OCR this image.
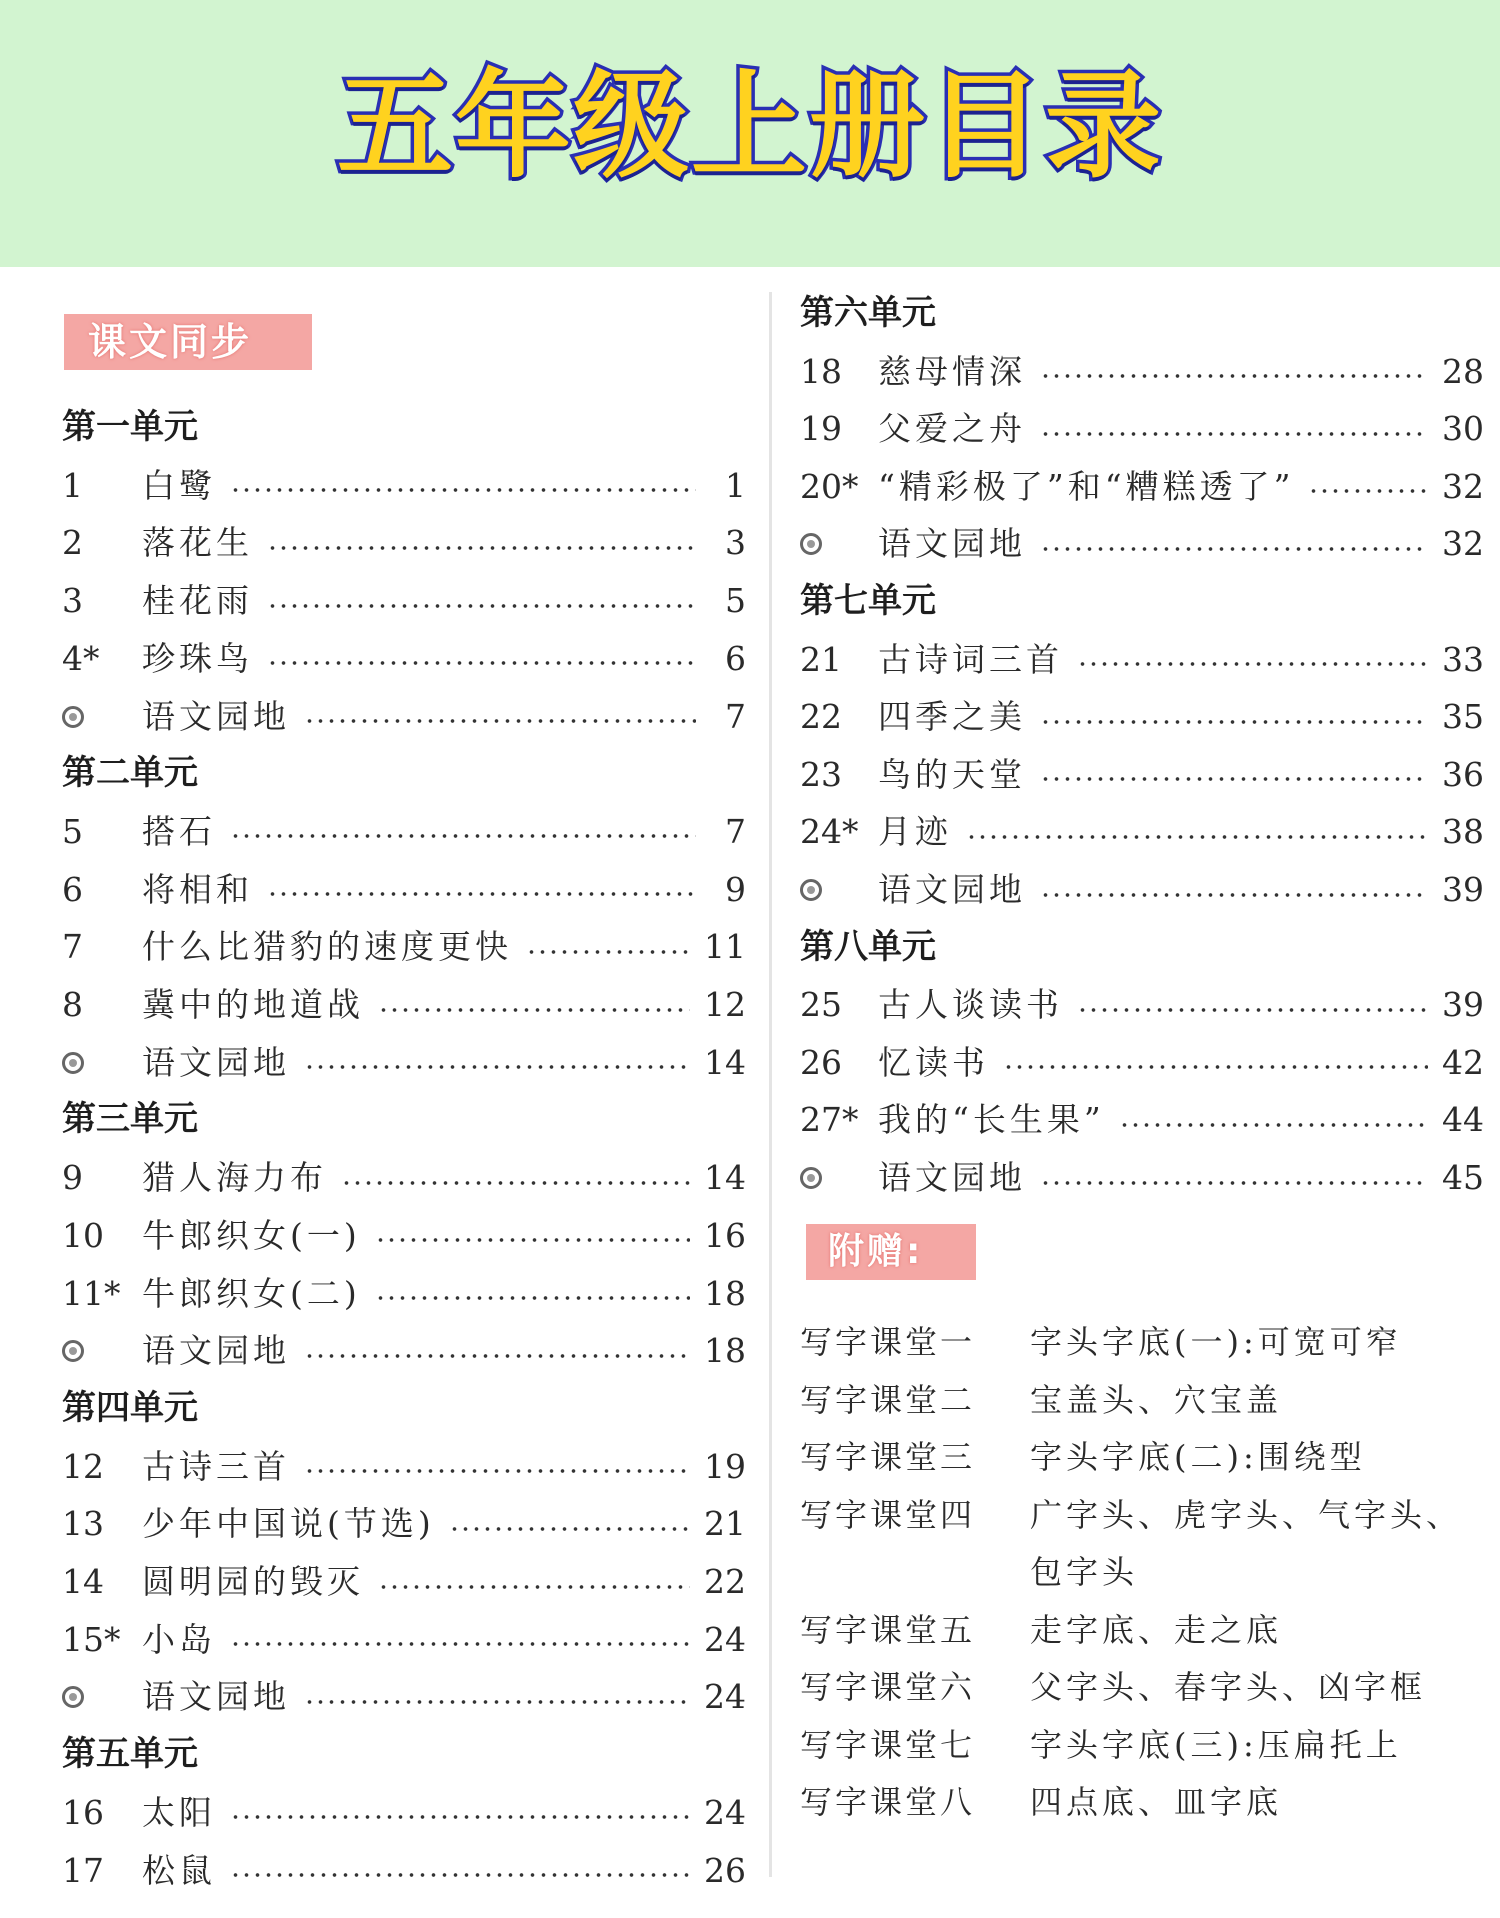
五年级上册目录
课文同步
第一单元
1	白鹭	1
2	落花生	3
3	桂花雨	5
4*	珍珠鸟	6
语文园地	7
第二单元
5	搭石	7
6	将相和	9
7	什么比猎豹的速度更快	11
8	冀中的地道战	12
语文园地	14
第三单元
9	猎人海力布	14
10	牛郎织女(一)	16
11* 牛郎织女(二)	18
语文园地	18
第四单元
12	古诗三首	19
13	少年中国说(节选)	21
14	圆明园的毁灭	22
15* 小岛	24
语文园地	24
第五单元
16	太阳	24
17	松鼠	26
附赠:
第六单元
18	慈母情深	28
19	父爱之舟	30
20* “精彩极了”和“糟糕透了”	32
语文园地	32
第七单元
21	古诗词三首	33
22	四季之美	35
23	鸟的天堂	36
24* 月迹	38
语文园地	39
第八单元
25	古人谈读书	39
26	忆读书	42
27* 我的“长生果”	44
语文园地	45
写字课堂一	字头字底(一):可宽可窄
写字课堂二	宝盖头、穴宝盖
写字课堂三	字头字底(二):围绕型
写字课堂四	广字头、虎字头、气字头、包字头
写字课堂五	走字底、走之底
写字课堂六	父字头、春字头、凶字框
写字课堂七	字头字底(三):压扁托上
写字课堂八	四点底、皿字底
